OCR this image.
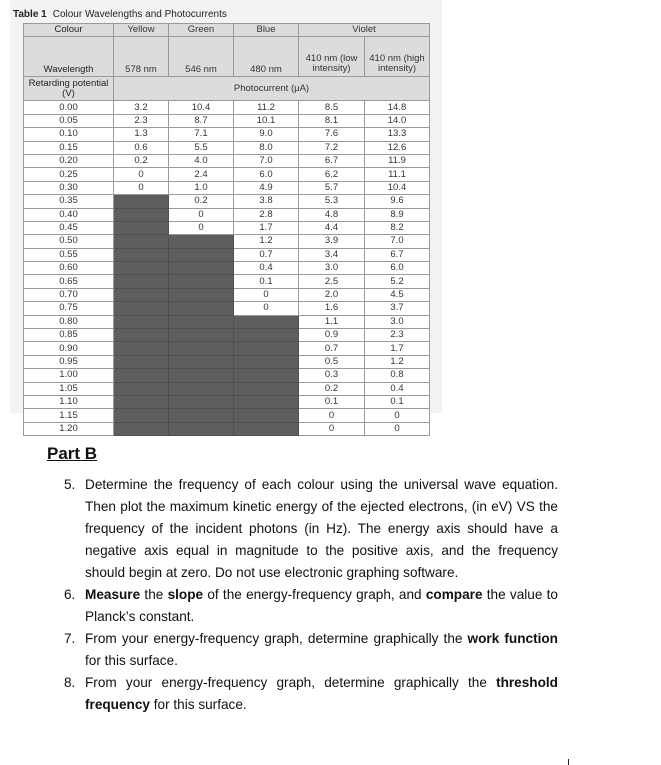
Table 1 Colour Wavelengths and Photocurrents
Colour	Yellow	Green	Blue	Violet	
Wavelength	578 nm	546 nm	480 nm	410 nm (low intensity)	410 nm (high intensity)
Retarding potential (V)	Photocurrent (μA)				
0.00	3.2	10.4	11.2	8.5	14.8
0.05	2.3	8.7	10.1	8.1	14.0
0.10	1.3	7.1	9.0	7.6	13.3
0.15	0.6	5.5	8.0	7.2	12.6
0.20	0.2	4.0	7.0	6.7	11.9
0.25	0	2.4	6.0	6.2	11.1
0.30	0	1.0	4.9	5.7	10.4
0.35		0.2	3.8	5.3	9.6
0.40		0	2.8	4.8	8.9
0.45		0	1.7	4.4	8.2
0.50			1.2	3.9	7.0
0.55			0.7	3.4	6.7
0.60			0.4	3.0	6.0
0.65			0.1	2.5	5.2
0.70			0	2.0	4.5
0.75			0	1.6	3.7
0.80				1.1	3.0
0.85				0.9	2.3
0.90				0.7	1.7
0.95				0.5	1.2
1.00				0.3	0.8
1.05				0.2	0.4
1.10				0.1	0.1
1.15				0	0
1.20				0	0
Part B
5. Determine the frequency of each colour using the universal wave equation. Then plot the maximum kinetic energy of the ejected electrons, (in eV) VS the frequency of the incident photons (in Hz). The energy axis should have a negative axis equal in magnitude to the positive axis, and the frequency should begin at zero. Do not use electronic graphing software.
6. Measure the slope of the energy-frequency graph, and compare the value to Planck’s constant.
7. From your energy-frequency graph, determine graphically the work function for this surface.
8. From your energy-frequency graph, determine graphically the threshold frequency for this surface.
